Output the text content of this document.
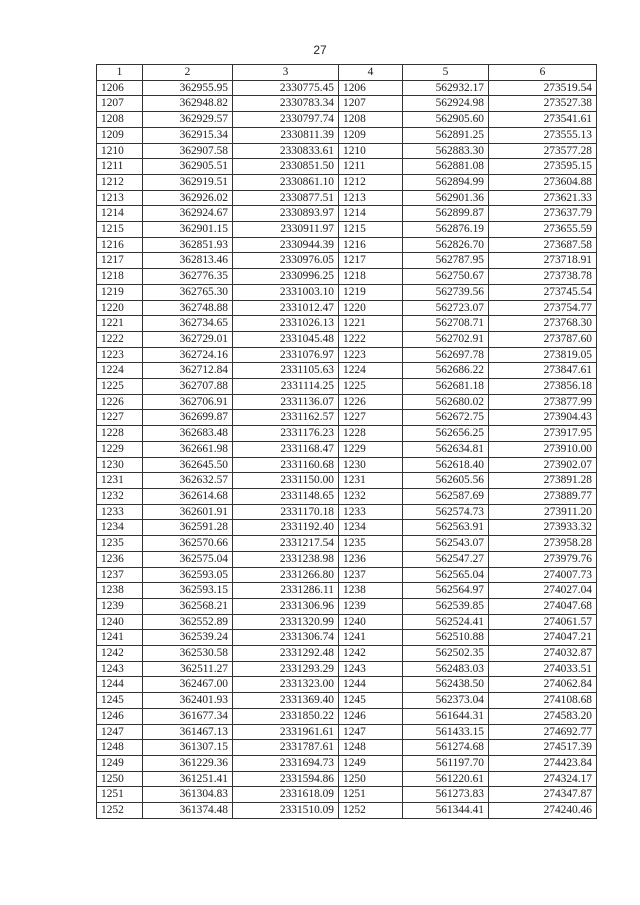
27
1	2	3	4	5	6
1206	362955.95	2330775.45	1206	562932.17	273519.54
1207	362948.82	2330783.34	1207	562924.98	273527.38
1208	362929.57	2330797.74	1208	562905.60	273541.61
1209	362915.34	2330811.39	1209	562891.25	273555.13
1210	362907.58	2330833.61	1210	562883.30	273577.28
1211	362905.51	2330851.50	1211	562881.08	273595.15
1212	362919.51	2330861.10	1212	562894.99	273604.88
1213	362926.02	2330877.51	1213	562901.36	273621.33
1214	362924.67	2330893.97	1214	562899.87	273637.79
1215	362901.15	2330911.97	1215	562876.19	273655.59
1216	362851.93	2330944.39	1216	562826.70	273687.58
1217	362813.46	2330976.05	1217	562787.95	273718.91
1218	362776.35	2330996.25	1218	562750.67	273738.78
1219	362765.30	2331003.10	1219	562739.56	273745.54
1220	362748.88	2331012.47	1220	562723.07	273754.77
1221	362734.65	2331026.13	1221	562708.71	273768.30
1222	362729.01	2331045.48	1222	562702.91	273787.60
1223	362724.16	2331076.97	1223	562697.78	273819.05
1224	362712.84	2331105.63	1224	562686.22	273847.61
1225	362707.88	2331114.25	1225	562681.18	273856.18
1226	362706.91	2331136.07	1226	562680.02	273877.99
1227	362699.87	2331162.57	1227	562672.75	273904.43
1228	362683.48	2331176.23	1228	562656.25	273917.95
1229	362661.98	2331168.47	1229	562634.81	273910.00
1230	362645.50	2331160.68	1230	562618.40	273902.07
1231	362632.57	2331150.00	1231	562605.56	273891.28
1232	362614.68	2331148.65	1232	562587.69	273889.77
1233	362601.91	2331170.18	1233	562574.73	273911.20
1234	362591.28	2331192.40	1234	562563.91	273933.32
1235	362570.66	2331217.54	1235	562543.07	273958.28
1236	362575.04	2331238.98	1236	562547.27	273979.76
1237	362593.05	2331266.80	1237	562565.04	274007.73
1238	362593.15	2331286.11	1238	562564.97	274027.04
1239	362568.21	2331306.96	1239	562539.85	274047.68
1240	362552.89	2331320.99	1240	562524.41	274061.57
1241	362539.24	2331306.74	1241	562510.88	274047.21
1242	362530.58	2331292.48	1242	562502.35	274032.87
1243	362511.27	2331293.29	1243	562483.03	274033.51
1244	362467.00	2331323.00	1244	562438.50	274062.84
1245	362401.93	2331369.40	1245	562373.04	274108.68
1246	361677.34	2331850.22	1246	561644.31	274583.20
1247	361467.13	2331961.61	1247	561433.15	274692.77
1248	361307.15	2331787.61	1248	561274.68	274517.39
1249	361229.36	2331694.73	1249	561197.70	274423.84
1250	361251.41	2331594.86	1250	561220.61	274324.17
1251	361304.83	2331618.09	1251	561273.83	274347.87
1252	361374.48	2331510.09	1252	561344.41	274240.46
